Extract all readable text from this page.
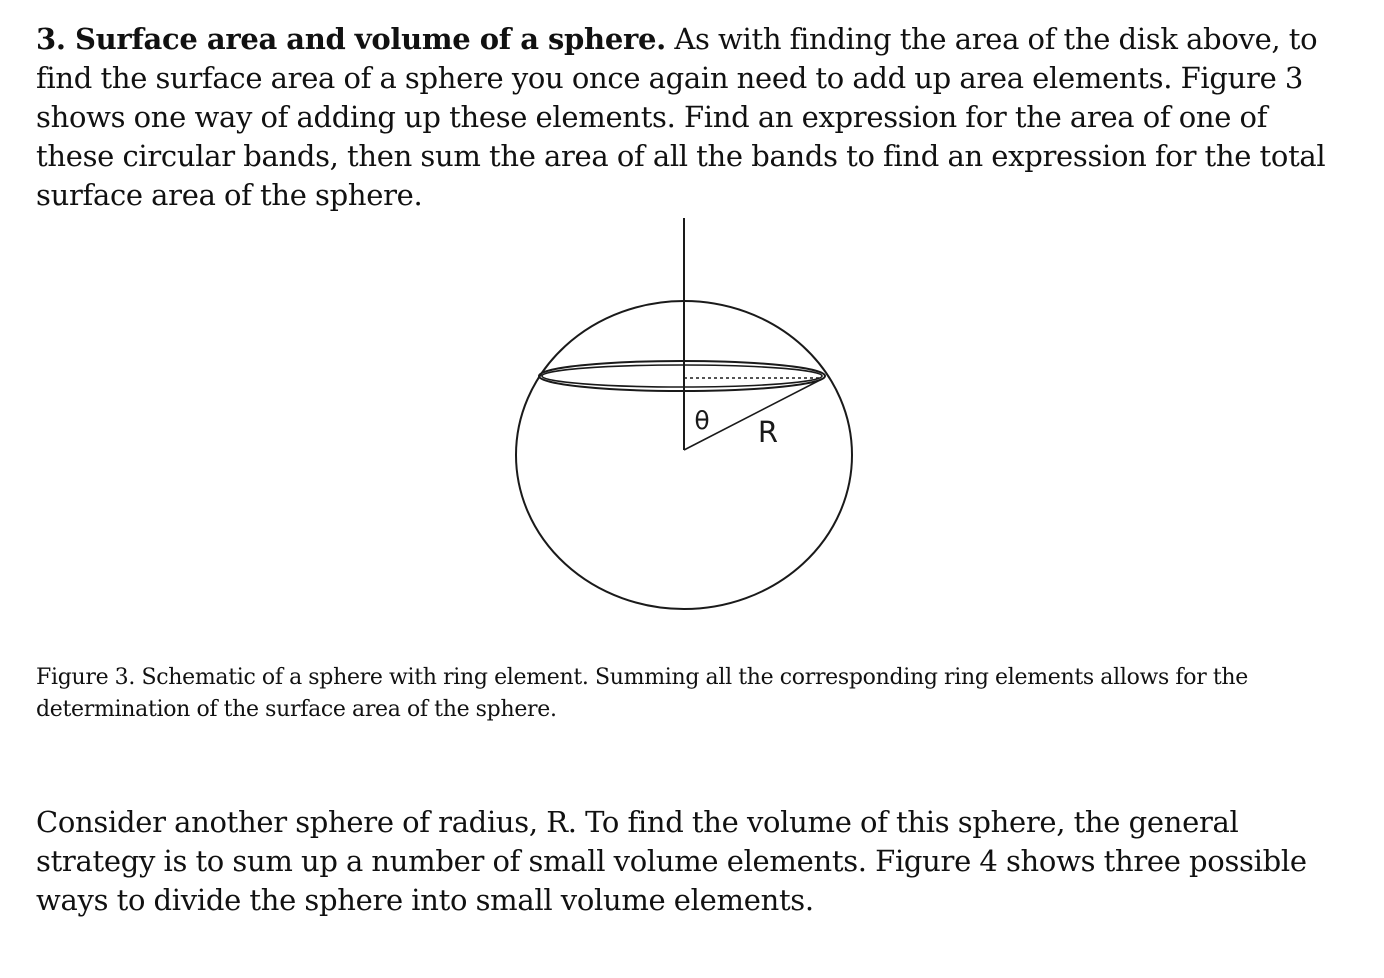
3. Surface area and volume of a sphere. As with finding the area of the disk above, to find the surface area of a sphere you once again need to add up area elements. Figure 3 shows one way of adding up these elements. Find an expression for the area of one of these circular bands, then sum the area of all the bands to find an expression for the total surface area of the sphere.

θ R

Figure 3. Schematic of a sphere with ring element. Summing all the corresponding ring elements allows for the determination of the surface area of the sphere.

Consider another sphere of radius, R. To find the volume of this sphere, the general strategy is to sum up a number of small volume elements. Figure 4 shows three possible ways to divide the sphere into small volume elements.
